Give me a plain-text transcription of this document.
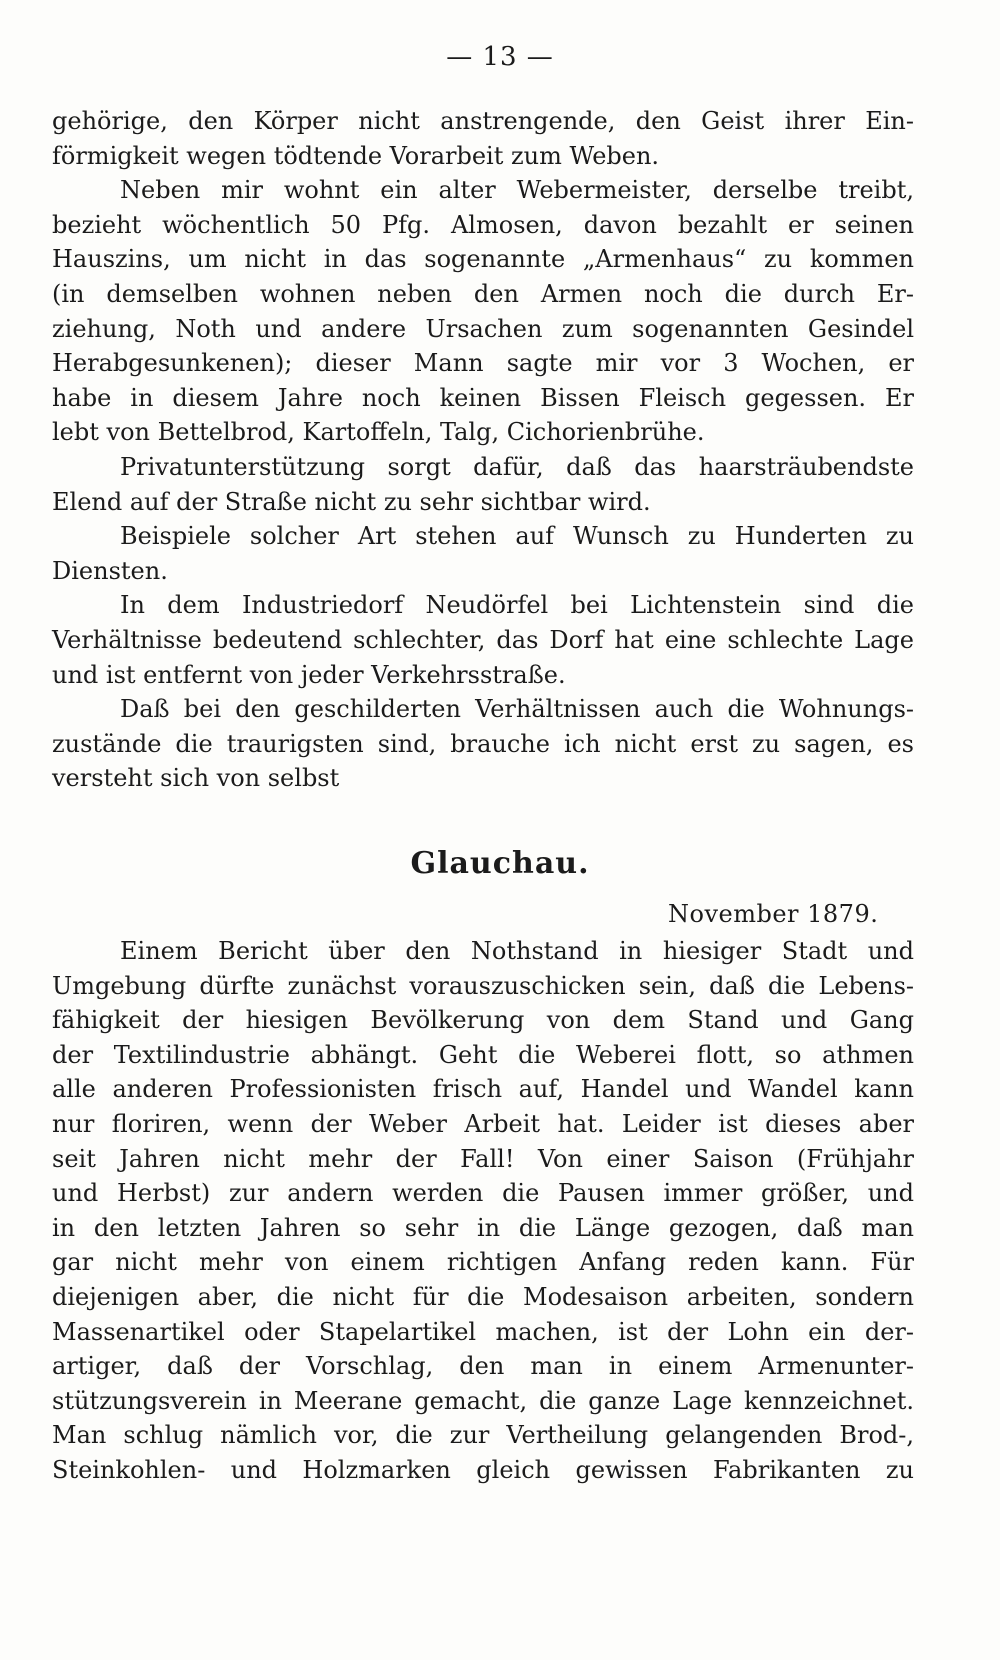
— 13 —
gehörige, den Körper nicht anstrengende, den Geist ihrer Ein-
förmigkeit wegen tödtende Vorarbeit zum Weben.
Neben mir wohnt ein alter Webermeister, derselbe treibt,
bezieht wöchentlich 50 Pfg. Almosen, davon bezahlt er seinen
Hauszins, um nicht in das sogenannte „Armenhaus“ zu kommen
(in demselben wohnen neben den Armen noch die durch Er-
ziehung, Noth und andere Ursachen zum sogenannten Gesindel
Herabgesunkenen); dieser Mann sagte mir vor 3 Wochen, er
habe in diesem Jahre noch keinen Bissen Fleisch gegessen. Er
lebt von Bettelbrod, Kartoffeln, Talg, Cichorienbrühe.
Privatunterstützung sorgt dafür, daß das haarsträubendste
Elend auf der Straße nicht zu sehr sichtbar wird.
Beispiele solcher Art stehen auf Wunsch zu Hunderten zu
Diensten.
In dem Industriedorf Neudörfel bei Lichtenstein sind die
Verhältnisse bedeutend schlechter, das Dorf hat eine schlechte Lage
und ist entfernt von jeder Verkehrsstraße.
Daß bei den geschilderten Verhältnissen auch die Wohnungs-
zustände die traurigsten sind, brauche ich nicht erst zu sagen, es
versteht sich von selbst
Glauchau.
November 1879.
Einem Bericht über den Nothstand in hiesiger Stadt und
Umgebung dürfte zunächst vorauszuschicken sein, daß die Lebens-
fähigkeit der hiesigen Bevölkerung von dem Stand und Gang
der Textilindustrie abhängt. Geht die Weberei flott, so athmen
alle anderen Professionisten frisch auf, Handel und Wandel kann
nur floriren, wenn der Weber Arbeit hat. Leider ist dieses aber
seit Jahren nicht mehr der Fall! Von einer Saison (Frühjahr
und Herbst) zur andern werden die Pausen immer größer, und
in den letzten Jahren so sehr in die Länge gezogen, daß man
gar nicht mehr von einem richtigen Anfang reden kann. Für
diejenigen aber, die nicht für die Modesaison arbeiten, sondern
Massenartikel oder Stapelartikel machen, ist der Lohn ein der-
artiger, daß der Vorschlag, den man in einem Armenunter-
stützungsverein in Meerane gemacht, die ganze Lage kennzeichnet.
Man schlug nämlich vor, die zur Vertheilung gelangenden Brod-,
Steinkohlen- und Holzmarken gleich gewissen Fabrikanten zu
